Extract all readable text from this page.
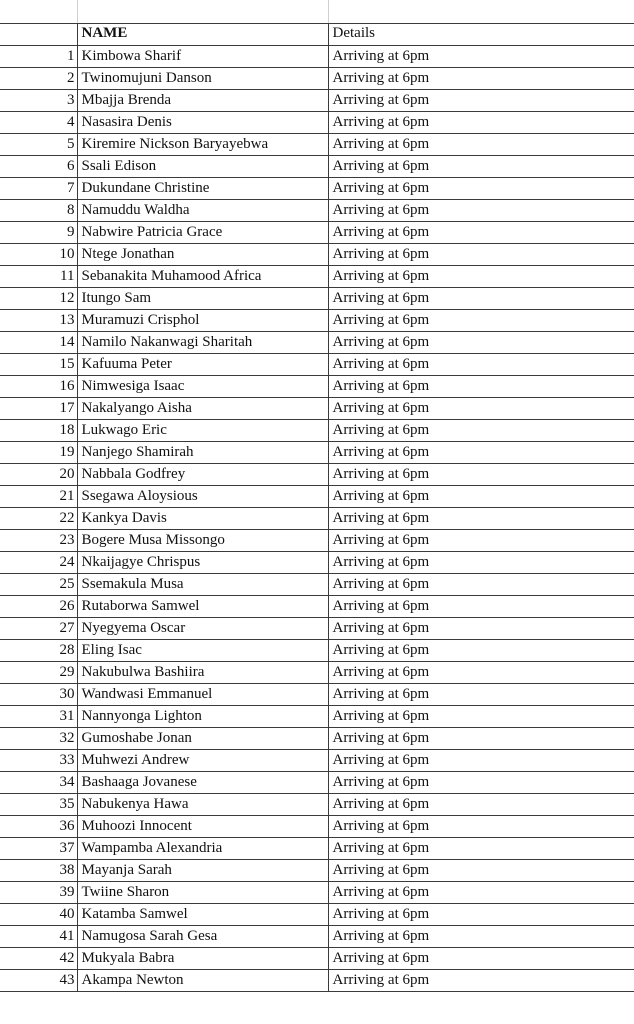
	NAME	Details
1	Kimbowa Sharif	Arriving at 6pm
2	Twinomujuni Danson	Arriving at 6pm
3	Mbajja Brenda	Arriving at 6pm
4	Nasasira Denis	Arriving at 6pm
5	Kiremire Nickson Baryayebwa	Arriving at 6pm
6	Ssali Edison	Arriving at 6pm
7	Dukundane Christine	Arriving at 6pm
8	Namuddu Waldha	Arriving at 6pm
9	Nabwire Patricia Grace	Arriving at 6pm
10	Ntege Jonathan	Arriving at 6pm
11	Sebanakita Muhamood Africa	Arriving at 6pm
12	Itungo Sam	Arriving at 6pm
13	Muramuzi Crisphol	Arriving at 6pm
14	Namilo Nakanwagi Sharitah	Arriving at 6pm
15	Kafuuma Peter	Arriving at 6pm
16	Nimwesiga Isaac	Arriving at 6pm
17	Nakalyango Aisha	Arriving at 6pm
18	Lukwago Eric	Arriving at 6pm
19	Nanjego Shamirah	Arriving at 6pm
20	Nabbala Godfrey	Arriving at 6pm
21	Ssegawa Aloysious	Arriving at 6pm
22	Kankya Davis	Arriving at 6pm
23	Bogere Musa Missongo	Arriving at 6pm
24	Nkaijagye Chrispus	Arriving at 6pm
25	Ssemakula Musa	Arriving at 6pm
26	Rutaborwa Samwel	Arriving at 6pm
27	Nyegyema Oscar	Arriving at 6pm
28	Eling Isac	Arriving at 6pm
29	Nakubulwa Bashiira	Arriving at 6pm
30	Wandwasi Emmanuel	Arriving at 6pm
31	Nannyonga Lighton	Arriving at 6pm
32	Gumoshabe Jonan	Arriving at 6pm
33	Muhwezi Andrew	Arriving at 6pm
34	Bashaaga Jovanese	Arriving at 6pm
35	Nabukenya Hawa	Arriving at 6pm
36	Muhoozi Innocent	Arriving at 6pm
37	Wampamba Alexandria	Arriving at 6pm
38	Mayanja Sarah	Arriving at 6pm
39	Twiine Sharon	Arriving at 6pm
40	Katamba Samwel	Arriving at 6pm
41	Namugosa Sarah Gesa	Arriving at 6pm
42	Mukyala Babra	Arriving at 6pm
43	Akampa Newton	Arriving at 6pm
